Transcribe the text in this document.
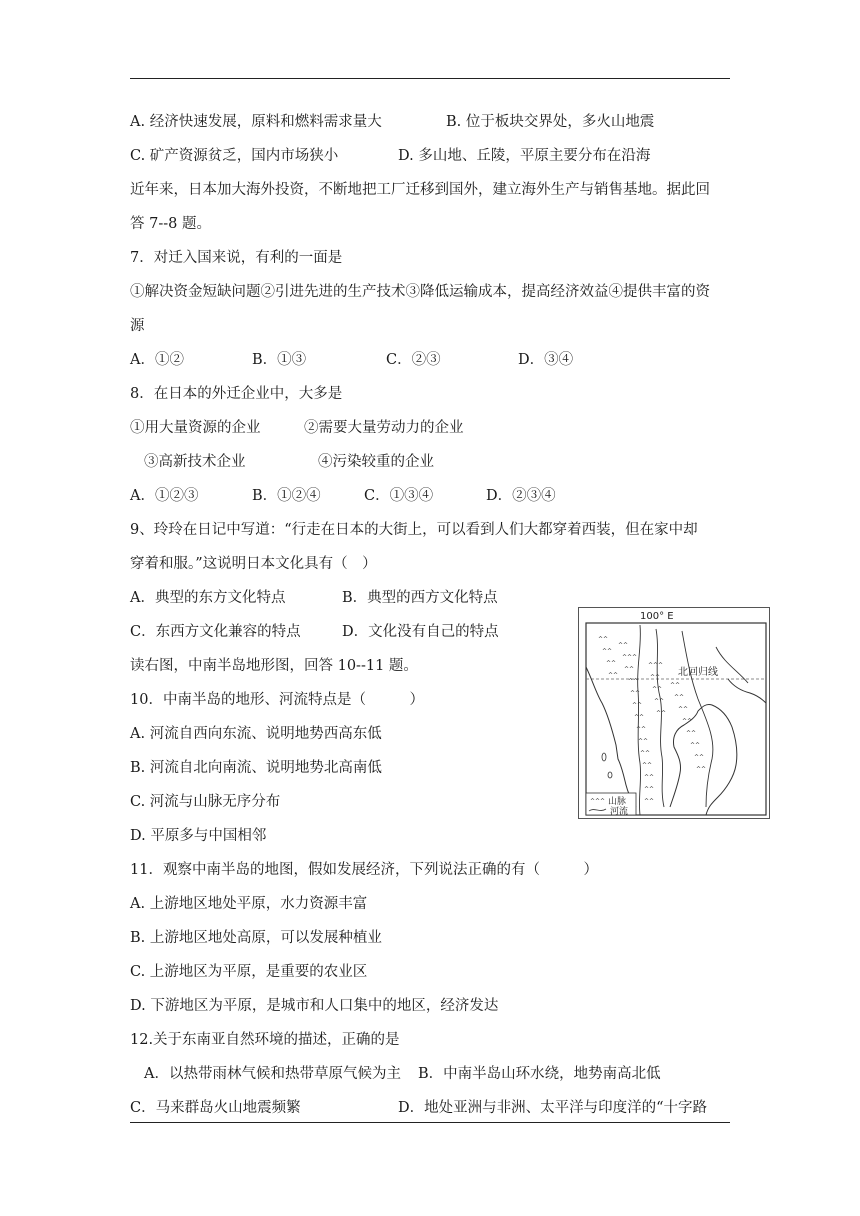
A. 经济快速发展，原料和燃料需求量大	B. 位于板块交界处，多火山地震
C. 矿产资源贫乏，国内市场狭小	D. 多山地、丘陵，平原主要分布在沿海
近年来，日本加大海外投资，不断地把工厂迁移到国外，建立海外生产与销售基地。据此回
答 7--8 题。
7．对迁入国来说，有利的一面是
①解决资金短缺问题②引进先进的生产技术③降低运输成本，提高经济效益④提供丰富的资
源
A．①②	B．①③	C．②③	D．③④
8．在日本的外迁企业中，大多是
①用大量资源的企业	②需要大量劳动力的企业
③高新技术企业	④污染较重的企业
A．①②③	B．①②④	C．①③④	D．②③④
9、玲玲在日记中写道：“行走在日本的大街上，可以看到人们大都穿着西装，但在家中却
穿着和服。”这说明日本文化具有（　）
A．典型的东方文化特点	B．典型的西方文化特点
C．东西方文化兼容的特点	D．文化没有自己的特点
读右图，中南半岛地形图，回答 10--11 题。
10．中南半岛的地形、河流特点是（　　　）
A. 河流自西向东流、说明地势西高东低
B. 河流自北向南流、说明地势北高南低
C. 河流与山脉无序分布
D. 平原多与中国相邻
11．观察中南半岛的地图，假如发展经济，下列说法正确的有（　　　）
A. 上游地区地处平原，水力资源丰富
B. 上游地区地处高原，可以发展种植业
C. 上游地区为平原，是重要的农业区
D. 下游地区为平原，是城市和人口集中的地区，经济发达
12.关于东南亚自然环境的描述，正确的是
A．以热带雨林气候和热带草原气候为主 B．中南半岛山环水绕，地势南高北低
C．马来群岛火山地震频繁	D．地处亚洲与非洲、太平洋与印度洋的“十字路
100° E
北回归线
^^
^^^
^^
^^
^^
^^
^^
^^
^^
^^
^^
^^
^^
^^
^^^
^^
^^
^^
^^
^^
^^
^^
^^
^^
^^
^^
^^
^^
^^
^^
^^
^^^ 山脉
河流
